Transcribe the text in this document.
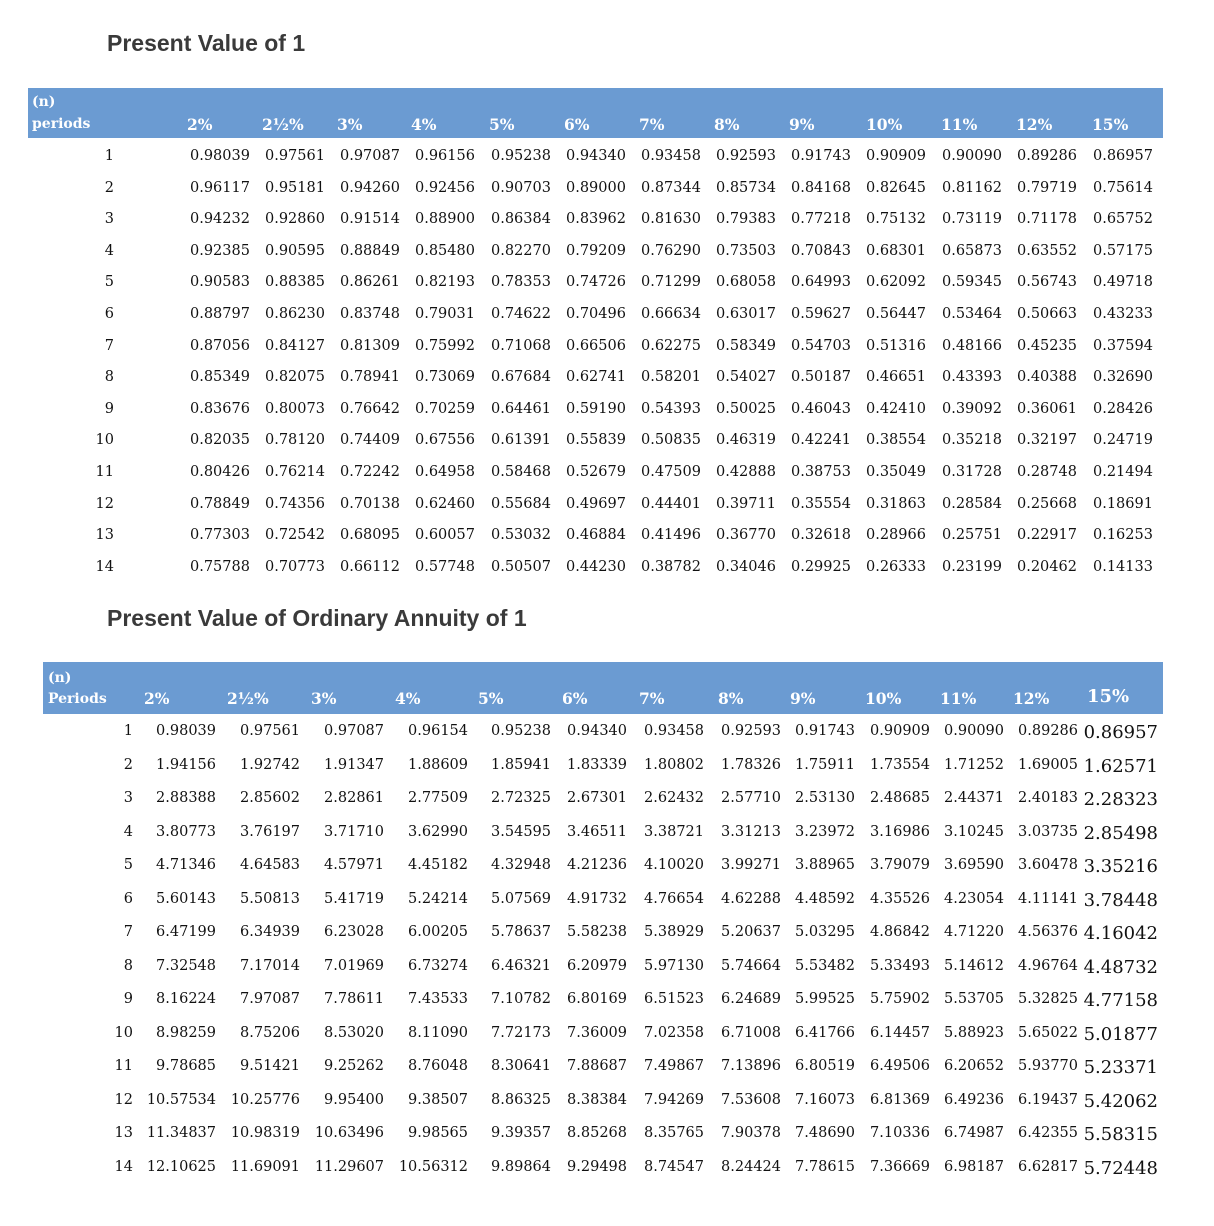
Present Value of 1
(n)
periods	2%	2½% 3%	4%	5%	6%	7%	8%	9%	10% 11% 12%	15%
1	0.98039 0.97561 0.97087 0.96156 0.95238 0.94340 0.93458 0.92593 0.91743 0.90909 0.90090 0.89286 0.86957
2	0.96117 0.95181 0.94260 0.92456 0.90703 0.89000 0.87344 0.85734 0.84168 0.82645 0.81162 0.79719 0.75614
3	0.94232 0.92860 0.91514 0.88900 0.86384 0.83962 0.81630 0.79383 0.77218 0.75132 0.73119 0.71178 0.65752
4	0.92385 0.90595 0.88849 0.85480 0.82270 0.79209 0.76290 0.73503 0.70843 0.68301 0.65873 0.63552 0.57175
5	0.90583 0.88385 0.86261 0.82193 0.78353 0.74726 0.71299 0.68058 0.64993 0.62092 0.59345 0.56743 0.49718
6	0.88797 0.86230 0.83748 0.79031 0.74622 0.70496 0.66634 0.63017 0.59627 0.56447 0.53464 0.50663 0.43233
7	0.87056 0.84127 0.81309 0.75992 0.71068 0.66506 0.62275 0.58349 0.54703 0.51316 0.48166 0.45235 0.37594
8	0.85349 0.82075 0.78941 0.73069 0.67684 0.62741 0.58201 0.54027 0.50187 0.46651 0.43393 0.40388 0.32690
9	0.83676 0.80073 0.76642 0.70259 0.64461 0.59190 0.54393 0.50025 0.46043 0.42410 0.39092 0.36061 0.28426
10	0.82035 0.78120 0.74409 0.67556 0.61391 0.55839 0.50835 0.46319 0.42241 0.38554 0.35218 0.32197 0.24719
11	0.80426 0.76214 0.72242 0.64958 0.58468 0.52679 0.47509 0.42888 0.38753 0.35049 0.31728 0.28748 0.21494
12	0.78849 0.74356 0.70138 0.62460 0.55684 0.49697 0.44401 0.39711 0.35554 0.31863 0.28584 0.25668 0.18691
13	0.77303 0.72542 0.68095 0.60057 0.53032 0.46884 0.41496 0.36770 0.32618 0.28966 0.25751 0.22917 0.16253
14	0.75788 0.70773 0.66112 0.57748 0.50507 0.44230 0.38782 0.34046 0.29925 0.26333 0.23199 0.20462 0.14133
Present Value of Ordinary Annuity of 1
(n)
Periods 2%	2½%	3%	4%	5%	6%	7%	8%	9%	10% 11% 12% 15%
1 0.98039 0.97561 0.97087 0.96154 0.95238 0.94340 0.93458 0.92593 0.91743 0.90909 0.90090 0.89286 0.86957
2 1.94156 1.92742 1.91347 1.88609 1.85941 1.83339 1.80802 1.78326 1.75911 1.73554 1.71252 1.69005 1.62571
3 2.88388 2.85602 2.82861 2.77509 2.72325 2.67301 2.62432 2.57710 2.53130 2.48685 2.44371 2.40183 2.28323
4 3.80773 3.76197 3.71710 3.62990 3.54595 3.46511 3.38721 3.31213 3.23972 3.16986 3.10245 3.03735 2.85498
5 4.71346 4.64583 4.57971 4.45182 4.32948 4.21236 4.10020 3.99271 3.88965 3.79079 3.69590 3.60478 3.35216
6 5.60143 5.50813 5.41719 5.24214 5.07569 4.91732 4.76654 4.62288 4.48592 4.35526 4.23054 4.11141 3.78448
7 6.47199 6.34939 6.23028 6.00205 5.78637 5.58238 5.38929 5.20637 5.03295 4.86842 4.71220 4.56376 4.16042
8 7.32548 7.17014 7.01969 6.73274 6.46321 6.20979 5.97130 5.74664 5.53482 5.33493 5.14612 4.96764 4.48732
9 8.16224 7.97087 7.78611 7.43533 7.10782 6.80169 6.51523 6.24689 5.99525 5.75902 5.53705 5.32825 4.77158
10 8.98259 8.75206 8.53020 8.11090 7.72173 7.36009 7.02358 6.71008 6.41766 6.14457 5.88923 5.65022 5.01877
11 9.78685 9.51421 9.25262 8.76048 8.30641 7.88687 7.49867 7.13896 6.80519 6.49506 6.20652 5.93770 5.23371
12 10.57534 10.25776 9.95400 9.38507 8.86325 8.38384 7.94269 7.53608 7.16073 6.81369 6.49236 6.19437 5.42062
13 11.34837 10.98319 10.63496 9.98565 9.39357 8.85268 8.35765 7.90378 7.48690 7.10336 6.74987 6.42355 5.58315
14 12.10625 11.69091 11.29607 10.56312 9.89864 9.29498 8.74547 8.24424 7.78615 7.36669 6.98187 6.62817 5.72448
